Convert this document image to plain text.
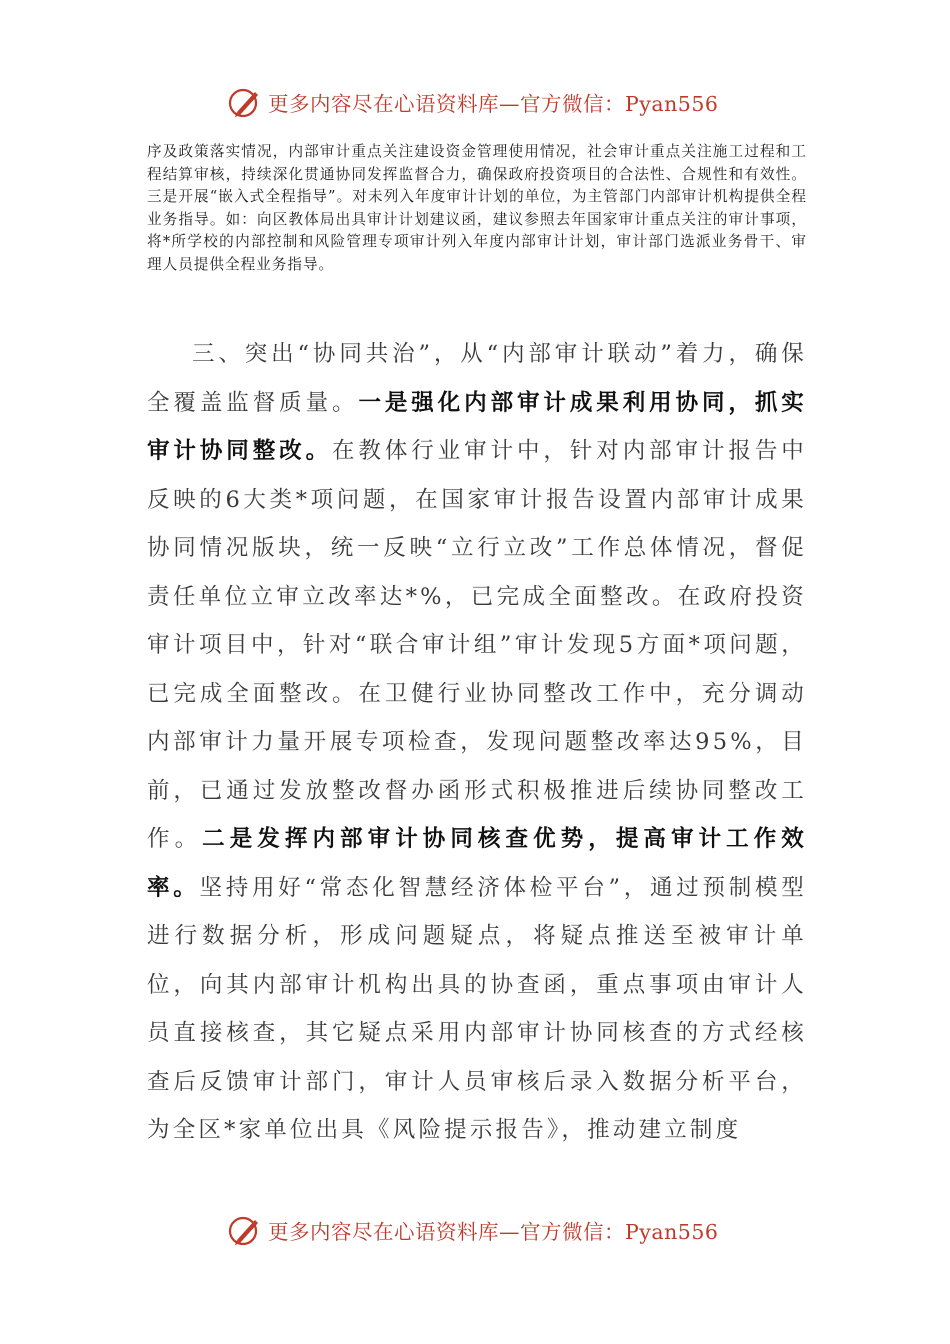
更多内容尽在心语资料库—官方微信：Pyan556

序及政策落实情况，内部审计重点关注建设资金管理使用情况，社会审计重点关注施工过程和工程结算审核，持续深化贯通协同发挥监督合力，确保政府投资项目的合法性、合规性和有效性。三是开展“嵌入式全程指导”。对未列入年度审计计划的单位，为主管部门内部审计机构提供全程业务指导。如：向区教体局出具审计计划建议函，建议参照去年国家审计重点关注的审计事项，将*所学校的内部控制和风险管理专项审计列入年度内部审计计划，审计部门选派业务骨干、审理人员提供全程业务指导。

三、突出“协同共治”，从“内部审计联动”着力，确保全覆盖监督质量。一是强化内部审计成果利用协同，抓实审计协同整改。在教体行业审计中，针对内部审计报告中反映的6大类*项问题，在国家审计报告设置内部审计成果协同情况版块，统一反映“立行立改”工作总体情况，督促责任单位立审立改率达*%，已完成全面整改。在政府投资审计项目中，针对“联合审计组”审计发现5方面*项问题，已完成全面整改。在卫健行业协同整改工作中，充分调动内部审计力量开展专项检查，发现问题整改率达95%，目前，已通过发放整改督办函形式积极推进后续协同整改工作。二是发挥内部审计协同核查优势，提高审计工作效率。坚持用好“常态化智慧经济体检平台”，通过预制模型进行数据分析，形成问题疑点，将疑点推送至被审计单位，向其内部审计机构出具的协查函，重点事项由审计人员直接核查，其它疑点采用内部审计协同核查的方式经核查后反馈审计部门，审计人员审核后录入数据分析平台，为全区*家单位出具《风险提示报告》，推动建立制度

更多内容尽在心语资料库—官方微信：Pyan556
